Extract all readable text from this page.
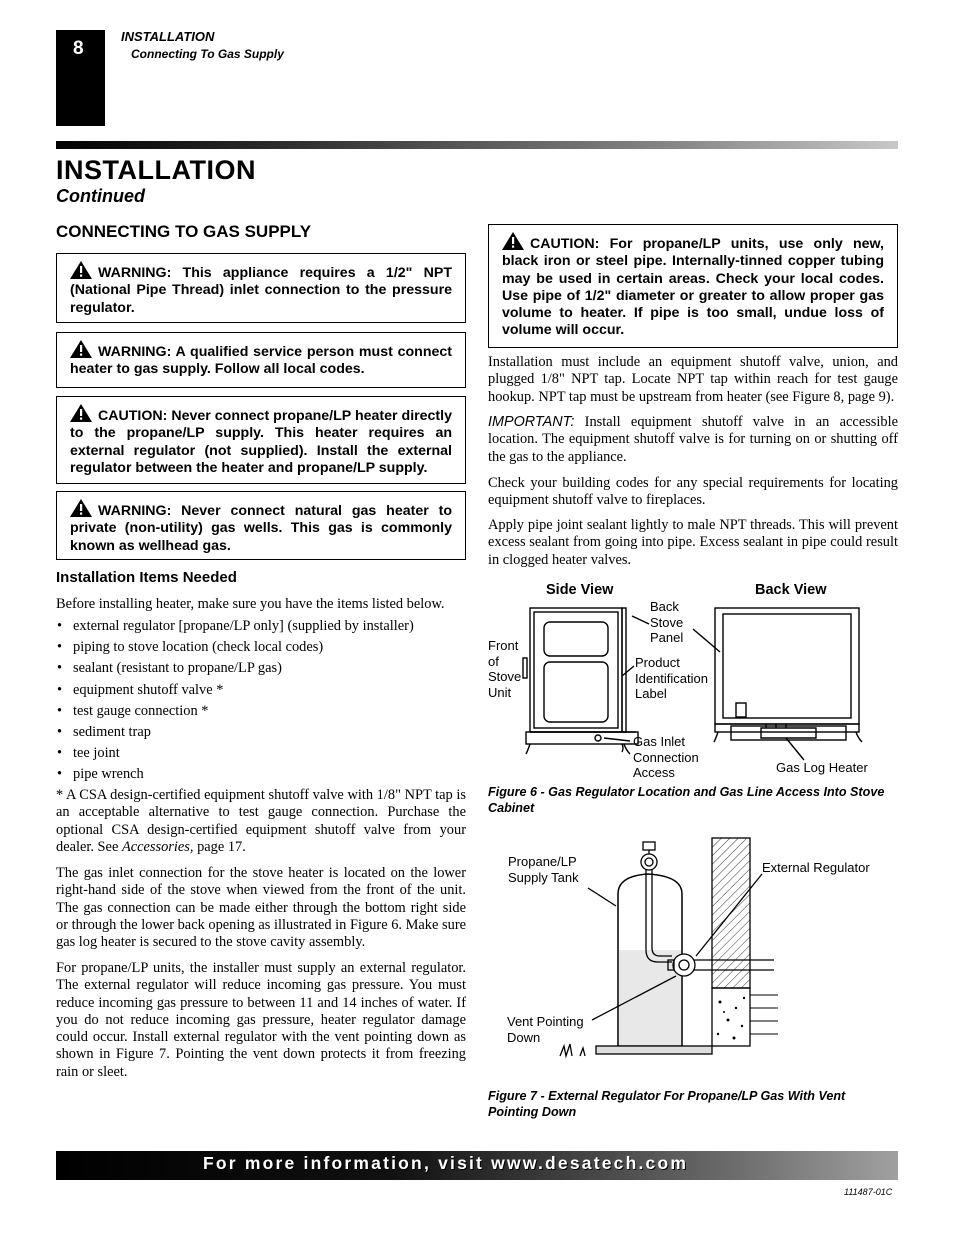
8
INSTALLATION
Connecting To Gas Supply
INSTALLATION
Continued
CONNECTING TO GAS SUPPLY
WARNING: This appliance requires a 1/2" NPT (National Pipe Thread) inlet connection to the pressure regulator.
WARNING: A qualified service person must connect heater to gas supply. Follow all local codes.
CAUTION: Never connect propane/LP heater directly to the propane/LP supply. This heater requires an external regulator (not supplied). Install the external regulator between the heater and propane/LP supply.
WARNING: Never connect natural gas heater to private (non-utility) gas wells. This gas is commonly known as wellhead gas.
Installation Items Needed
Before installing heater, make sure you have the items listed below.
• external regulator [propane/LP only] (supplied by installer)
• piping to stove location (check local codes)
• sealant (resistant to propane/LP gas)
• equipment shutoff valve *
• test gauge connection *
• sediment trap
• tee joint
• pipe wrench
* A CSA design-certified equipment shutoff valve with 1/8" NPT tap is an acceptable alternative to test gauge connection. Purchase the optional CSA design-certified equipment shutoff valve from your dealer. See Accessories, page 17.
The gas inlet connection for the stove heater is located on the lower right-hand side of the stove when viewed from the front of the unit. The gas connection can be made either through the bottom right side or through the lower back opening as illustrated in Figure 6. Make sure gas log heater is secured to the stove cavity assembly.
For propane/LP units, the installer must supply an external regulator. The external regulator will reduce incoming gas pressure. You must reduce incoming gas pressure to between 11 and 14 inches of water. If you do not reduce incoming gas pressure, heater regulator damage could occur. Install external regulator with the vent pointing down as shown in Figure 7. Pointing the vent down protects it from freezing rain or sleet.
CAUTION: For propane/LP units, use only new, black iron or steel pipe. Internally-tinned copper tubing may be used in certain areas. Check your local codes. Use pipe of 1/2" diameter or greater to allow proper gas volume to heater. If pipe is too small, undue loss of volume will occur.
Installation must include an equipment shutoff valve, union, and plugged 1/8" NPT tap. Locate NPT tap within reach for test gauge hookup. NPT tap must be upstream from heater (see Figure 8, page 9).
IMPORTANT: Install equipment shutoff valve in an accessible location. The equipment shutoff valve is for turning on or shutting off the gas to the appliance.
Check your building codes for any special requirements for locating equipment shutoff valve to fireplaces.
Apply pipe joint sealant lightly to male NPT threads. This will prevent excess sealant from going into pipe. Excess sealant in pipe could result in clogged heater valves.
Side View	Back View
Front
of
Stove
Unit
Back
Stove
Panel
Product
Identification
Label
Gas Inlet
Connection
Access	Gas Log Heater
Figure 6 - Gas Regulator Location and Gas Line Access Into Stove Cabinet
Propane/LP
Supply Tank
External Regulator
Vent Pointing
Down
Figure 7 - External Regulator For Propane/LP Gas With Vent Pointing Down
For more information, visit www.desatech.com
111487-01C
